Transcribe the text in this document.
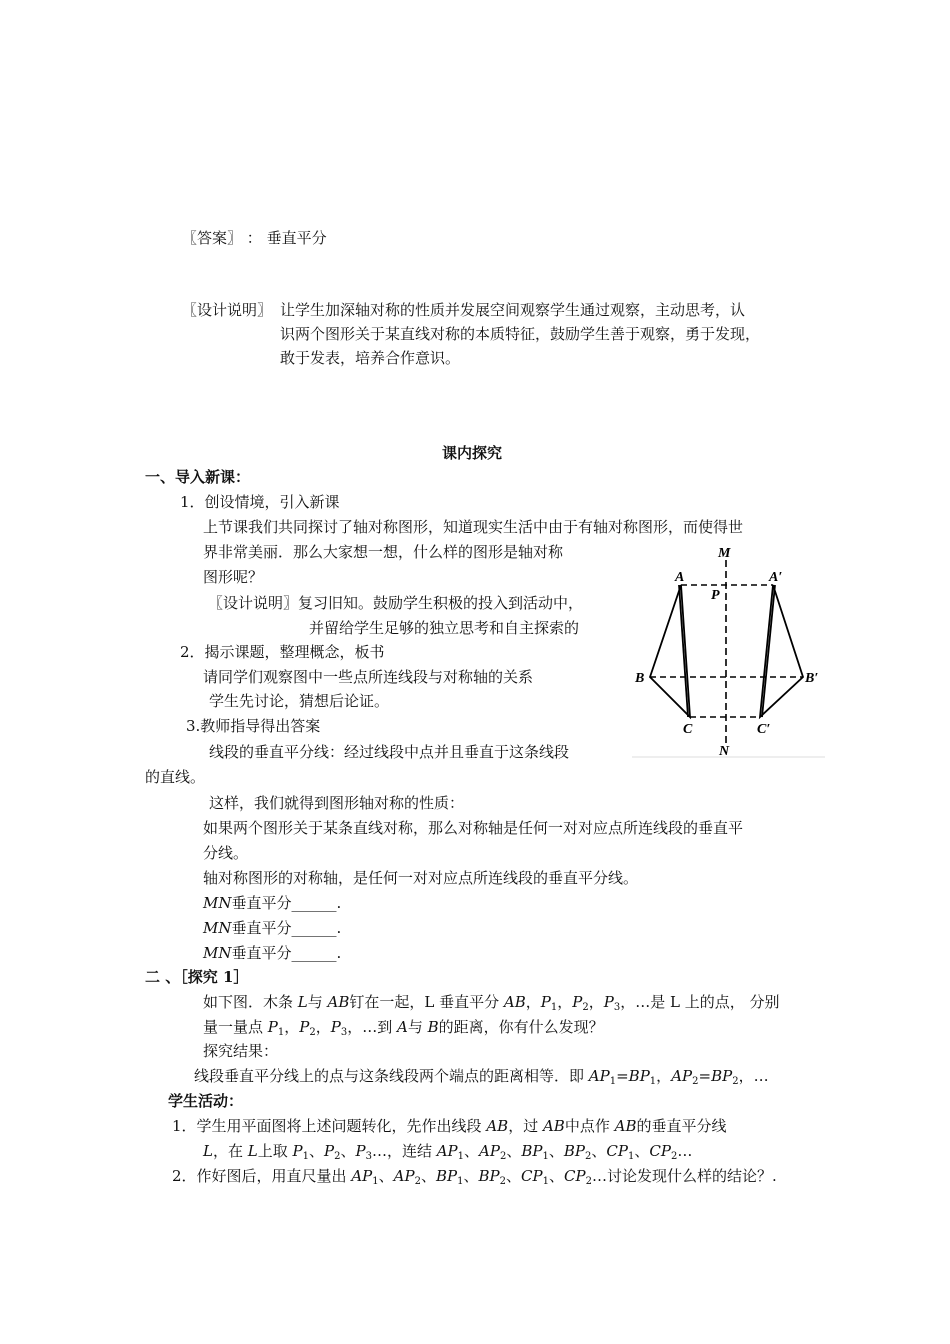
〖答案〗 ： 垂直平分
〖设计说明〗 让学生加深轴对称的性质并发展空间观察学生通过观察，主动思考，认
识两个图形关于某直线对称的本质特征，鼓励学生善于观察，勇于发现，
敢于发表，培养合作意识。
课内探究
一、导入新课：
1．创设情境，引入新课
上节课我们共同探讨了轴对称图形，知道现实生活中由于有轴对称图形，而使得世
界非常美丽．那么大家想一想，什么样的图形是轴对称
图形呢？
〖设计说明〗复习旧知。鼓励学生积极的投入到活动中，
并留给学生足够的独立思考和自主探索的
2．揭示课题，整理概念，板书
请同学们观察图中一些点所连线段与对称轴的关系
学生先讨论，猜想后论证。
3.教师指导得出答案
线段的垂直平分线：经过线段中点并且垂直于这条线段
的直线。
这样，我们就得到图形轴对称的性质：
如果两个图形关于某条直线对称，那么对称轴是任何一对对应点所连线段的垂直平
分线。
轴对称图形的对称轴，是任何一对对应点所连线段的垂直平分线。
MN垂直平分______.
MN垂直平分______.
MN垂直平分______.
M
N
P
A	A′
B	B′
C	C′
二 、［探究 1］
如下图．木条 L与 AB钉在一起，L 垂直平分 AB，$P_1$，$P_2$，$P_3$，…是 L 上的点， 分别
量一量点 $P_1$，$P_2$，$P_3$，…到 A与 B的距离，你有什么发现？
探究结果：
线段垂直平分线上的点与这条线段两个端点的距离相等．即 $AP_1=BP_1$，$AP_2=BP_2$，…
学生活动：
1．学生用平面图将上述问题转化，先作出线段 AB，过 AB中点作 AB的垂直平分线
L，在 L上取 $P_1$、$P_2$、$P_3\dots$，连结 $AP_1$、$AP_2$、$BP_1$、$BP_2$、$CP_1$、$CP_2\dots$
2．作好图后，用直尺量出 $AP_1$、$AP_2$、$BP_1$、$BP_2$、$CP_1$、$CP_2\dots$讨论发现什么样的结论？.
